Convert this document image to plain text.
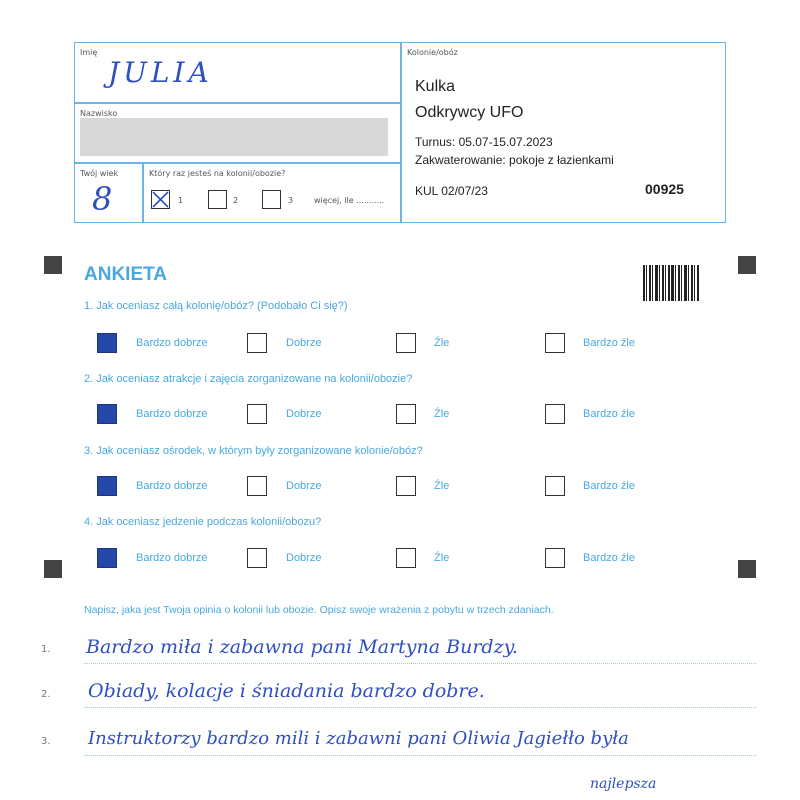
Imię
JULIA
Nazwisko
Twój wiek
8
Który raz jesteś na kolonii/obozie?
1	2	3	więcej, ile ...........
Kolonie/obóz
Kulka
Odkrywcy UFO
Turnus: 05.07-15.07.2023
Zakwaterowanie: pokoje z łazienkami
KUL 02/07/23	00925
ANKIETA
1. Jak oceniasz całą kolonię/obóz? (Podobało Ci się?)
Bardzo dobrze	Dobrze	Źle	Bardzo źle
2. Jak oceniasz atrakcje i zajęcia zorganizowane na kolonii/obozie?
Bardzo dobrze	Dobrze	Źle	Bardzo źle
3. Jak oceniasz ośrodek, w którym były zorganizowane kolonie/obóz?
Bardzo dobrze	Dobrze	Źle	Bardzo źle
4. Jak oceniasz jedzenie podczas kolonii/obozu?
Bardzo dobrze	Dobrze	Źle	Bardzo źle
Napisz, jaka jest Twoja opinia o kolonii lub obozie. Opisz swoje wrażenia z pobytu w trzech zdaniach.
1. Bardzo miła i zabawna pani Martyna Burdzy.
2. Obiady, kolacje i śniadania bardzo dobre.
3. Instruktorzy bardzo mili i zabawni pani Oliwia Jagiełło była
najlepsza
